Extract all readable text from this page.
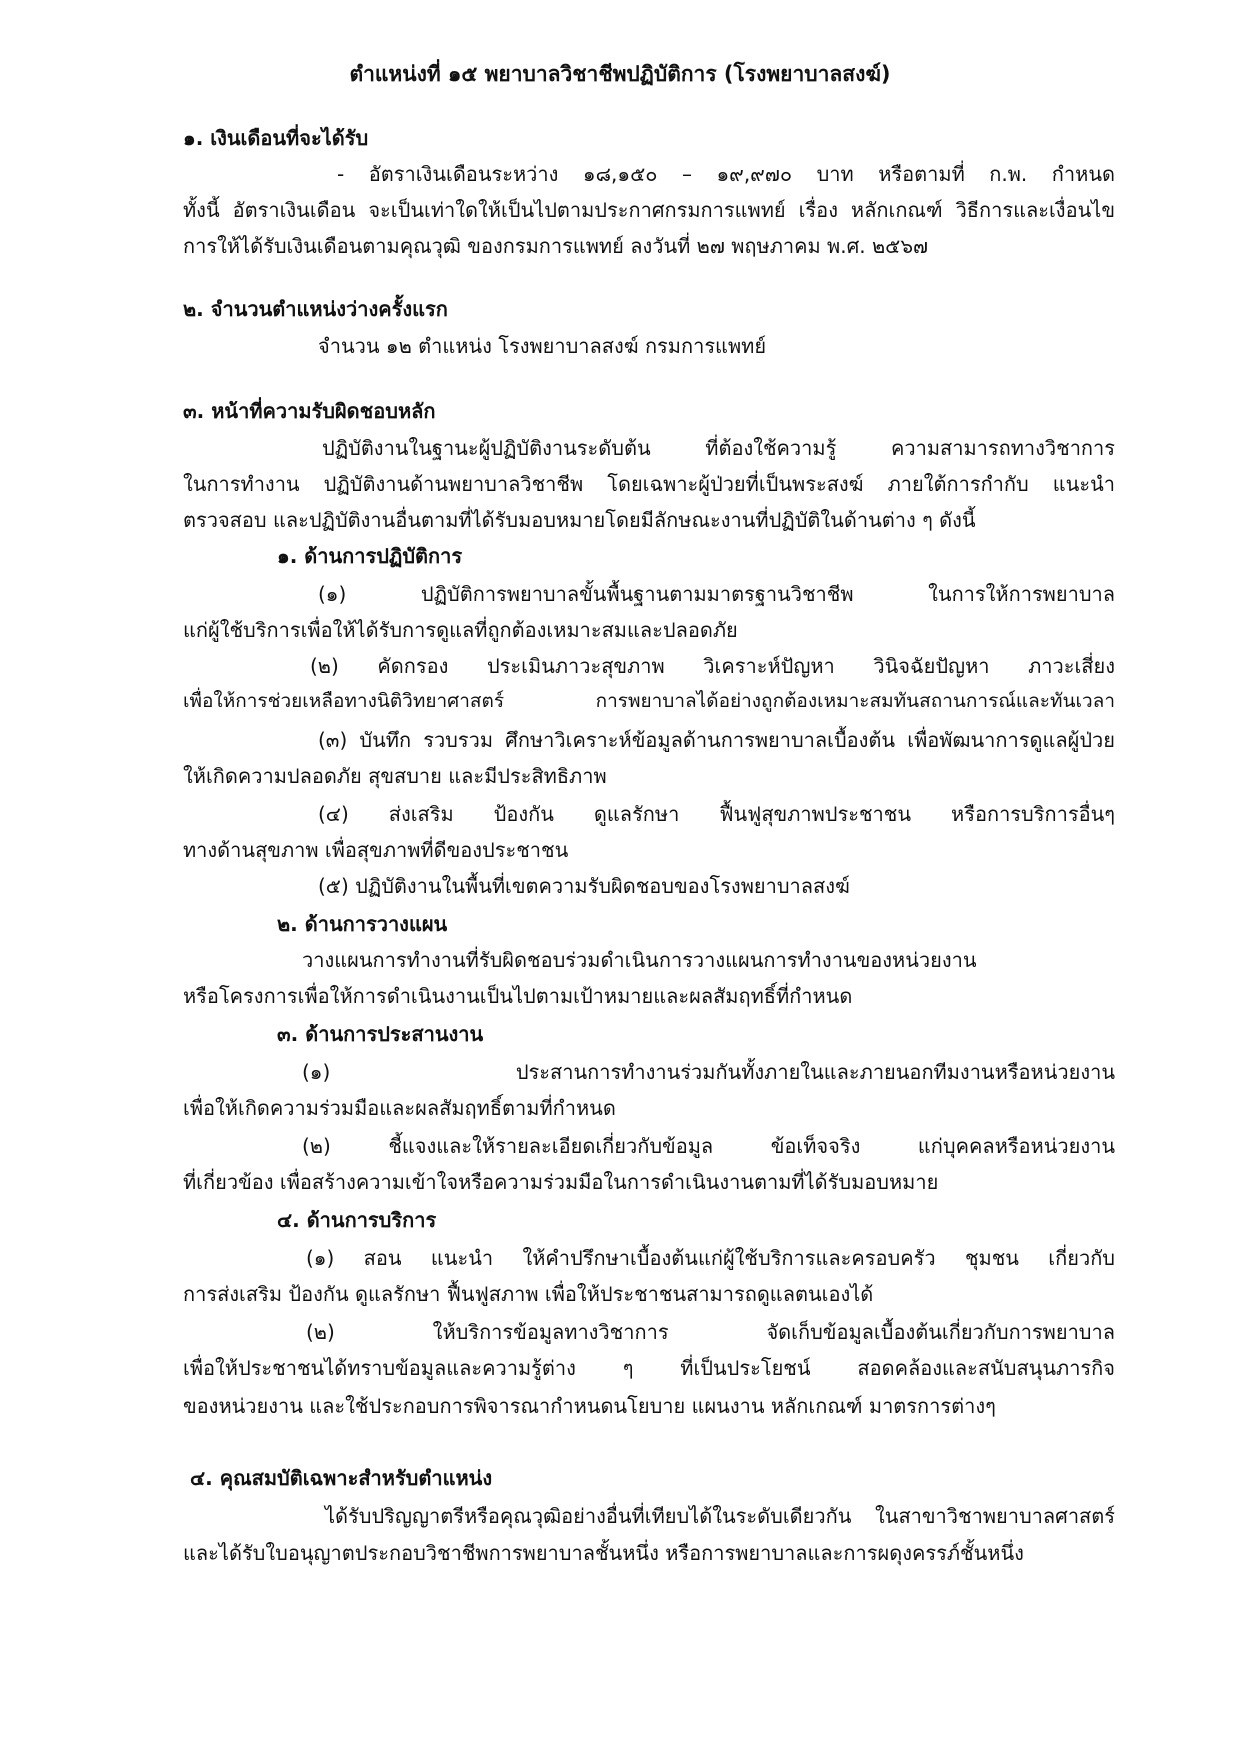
ตำแหน่งที่ ๑๕ พยาบาลวิชาชีพปฏิบัติการ (โรงพยาบาลสงฆ์)
๑. เงินเดือนที่จะได้รับ
- อัตราเงินเดือนระหว่าง ๑๘,๑๕๐ – ๑๙,๙๗๐ บาท หรือตามที่ ก.พ. กำหนด
ทั้งนี้ อัตราเงินเดือน จะเป็นเท่าใดให้เป็นไปตามประกาศกรมการแพทย์ เรื่อง หลักเกณฑ์ วิธีการและเงื่อนไข
การให้ได้รับเงินเดือนตามคุณวุฒิ ของกรมการแพทย์ ลงวันที่ ๒๗ พฤษภาคม พ.ศ. ๒๕๖๗
๒. จำนวนตำแหน่งว่างครั้งแรก
จำนวน ๑๒ ตำแหน่ง โรงพยาบาลสงฆ์ กรมการแพทย์
๓. หน้าที่ความรับผิดชอบหลัก
ปฏิบัติงานในฐานะผู้ปฏิบัติงานระดับต้น ที่ต้องใช้ความรู้ ความสามารถทางวิชาการ
ในการทำงาน ปฏิบัติงานด้านพยาบาลวิชาชีพ โดยเฉพาะผู้ป่วยที่เป็นพระสงฆ์ ภายใต้การกำกับ แนะนำ
ตรวจสอบ และปฏิบัติงานอื่นตามที่ได้รับมอบหมายโดยมีลักษณะงานที่ปฏิบัติในด้านต่าง ๆ ดังนี้
๑. ด้านการปฏิบัติการ
(๑) ปฏิบัติการพยาบาลขั้นพื้นฐานตามมาตรฐานวิชาชีพ ในการให้การพยาบาล
แก่ผู้ใช้บริการเพื่อให้ได้รับการดูแลที่ถูกต้องเหมาะสมและปลอดภัย
(๒) คัดกรอง ประเมินภาวะสุขภาพ วิเคราะห์ปัญหา วินิจฉัยปัญหา ภาวะเสี่ยง
เพื่อให้การช่วยเหลือทางนิติวิทยาศาสตร์ การพยาบาลได้อย่างถูกต้องเหมาะสมทันสถานการณ์และทันเวลา
(๓) บันทึก รวบรวม ศึกษาวิเคราะห์ข้อมูลด้านการพยาบาลเบื้องต้น เพื่อพัฒนาการดูแลผู้ป่วย
ให้เกิดความปลอดภัย สุขสบาย และมีประสิทธิภาพ
(๔) ส่งเสริม ป้องกัน ดูแลรักษา ฟื้นฟูสุขภาพประชาชน หรือการบริการอื่นๆ
ทางด้านสุขภาพ เพื่อสุขภาพที่ดีของประชาชน
(๕) ปฏิบัติงานในพื้นที่เขตความรับผิดชอบของโรงพยาบาลสงฆ์
๒. ด้านการวางแผน
วางแผนการทำงานที่รับผิดชอบร่วมดำเนินการวางแผนการทำงานของหน่วยงาน
หรือโครงการเพื่อให้การดำเนินงานเป็นไปตามเป้าหมายและผลสัมฤทธิ์ที่กำหนด
๓. ด้านการประสานงาน
(๑) ประสานการทำงานร่วมกันทั้งภายในและภายนอกทีมงานหรือหน่วยงาน
เพื่อให้เกิดความร่วมมือและผลสัมฤทธิ์ตามที่กำหนด
(๒) ชี้แจงและให้รายละเอียดเกี่ยวกับข้อมูล ข้อเท็จจริง แก่บุคคลหรือหน่วยงาน
ที่เกี่ยวข้อง เพื่อสร้างความเข้าใจหรือความร่วมมือในการดำเนินงานตามที่ได้รับมอบหมาย
๔. ด้านการบริการ
(๑) สอน แนะนำ ให้คำปรึกษาเบื้องต้นแก่ผู้ใช้บริการและครอบครัว ชุมชน เกี่ยวกับ
การส่งเสริม ป้องกัน ดูแลรักษา ฟื้นฟูสภาพ เพื่อให้ประชาชนสามารถดูแลตนเองได้
(๒) ให้บริการข้อมูลทางวิชาการ จัดเก็บข้อมูลเบื้องต้นเกี่ยวกับการพยาบาล
เพื่อให้ประชาชนได้ทราบข้อมูลและความรู้ต่าง ๆ ที่เป็นประโยชน์ สอดคล้องและสนับสนุนภารกิจ
ของหน่วยงาน และใช้ประกอบการพิจารณากำหนดนโยบาย แผนงาน หลักเกณฑ์ มาตรการต่างๆ
๔. คุณสมบัติเฉพาะสำหรับตำแหน่ง
ได้รับปริญญาตรีหรือคุณวุฒิอย่างอื่นที่เทียบได้ในระดับเดียวกัน ในสาขาวิชาพยาบาลศาสตร์
และได้รับใบอนุญาตประกอบวิชาชีพการพยาบาลชั้นหนึ่ง หรือการพยาบาลและการผดุงครรภ์ชั้นหนึ่ง
